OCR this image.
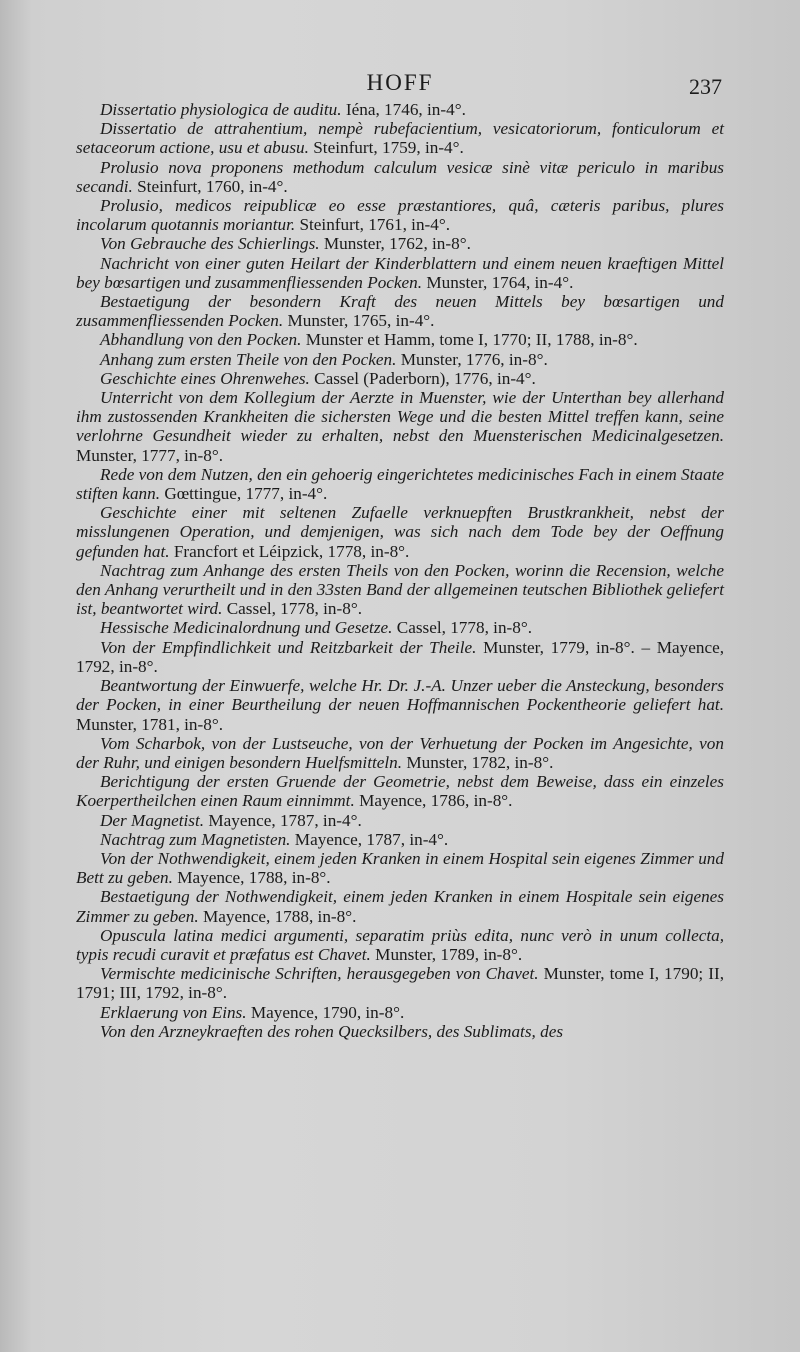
HOFF	237

Dissertatio physiologica de auditu. Iéna, 1746, in-4°.

Dissertatio de attrahentium, nempè rubefacientium, vesicatoriorum, fonticulorum et setaceorum actione, usu et abusu. Steinfurt, 1759, in-4°.

Prolusio nova proponens methodum calculum vesicæ sinè vitæ periculo in maribus secandi. Steinfurt, 1760, in-4°.

Prolusio, medicos reipublicæ eo esse præstantiores, quâ, cæteris paribus, plures incolarum quotannis moriantur. Steinfurt, 1761, in-4°.

Von Gebrauche des Schierlings. Munster, 1762, in-8°.

Nachricht von einer guten Heilart der Kinderblattern und einem neuen kraeftigen Mittel bey bœsartigen und zusammenfliessenden Pocken. Munster, 1764, in-4°.

Bestaetigung der besondern Kraft des neuen Mittels bey bœsartigen und zusammenfliessenden Pocken. Munster, 1765, in-4°.

Abhandlung von den Pocken. Munster et Hamm, tome I, 1770; II, 1788, in-8°.

Anhang zum ersten Theile von den Pocken. Munster, 1776, in-8°.

Geschichte eines Ohrenwehes. Cassel (Paderborn), 1776, in-4°.

Unterricht von dem Kollegium der Aerzte in Muenster, wie der Unterthan bey allerhand ihm zustossenden Krankheiten die sichersten Wege und die besten Mittel treffen kann, seine verlohrne Gesundheit wieder zu erhalten, nebst den Muensterischen Medicinalgesetzen. Munster, 1777, in-8°.

Rede von dem Nutzen, den ein gehoerig eingerichtetes medicinisches Fach in einem Staate stiften kann. Gœttingue, 1777, in-4°.

Geschichte einer mit seltenen Zufaelle verknuepften Brustkrankheit, nebst der misslungenen Operation, und demjenigen, was sich nach dem Tode bey der Oeffnung gefunden hat. Francfort et Léipzick, 1778, in-8°.

Nachtrag zum Anhange des ersten Theils von den Pocken, worinn die Recension, welche den Anhang verurtheilt und in den 33sten Band der allgemeinen teutschen Bibliothek geliefert ist, beantwortet wird. Cassel, 1778, in-8°.

Hessische Medicinalordnung und Gesetze. Cassel, 1778, in-8°.

Von der Empfindlichkeit und Reitzbarkeit der Theile. Munster, 1779, in-8°. – Mayence, 1792, in-8°.

Beantwortung der Einwuerfe, welche Hr. Dr. J.-A. Unzer ueber die Ansteckung, besonders der Pocken, in einer Beurtheilung der neuen Hoffmannischen Pockentheorie geliefert hat. Munster, 1781, in-8°.

Vom Scharbok, von der Lustseuche, von der Verhuetung der Pocken im Angesichte, von der Ruhr, und einigen besondern Huelfsmitteln. Munster, 1782, in-8°.

Berichtigung der ersten Gruende der Geometrie, nebst dem Beweise, dass ein einzeles Koerpertheilchen einen Raum einnimmt. Mayence, 1786, in-8°.

Der Magnetist. Mayence, 1787, in-4°.

Nachtrag zum Magnetisten. Mayence, 1787, in-4°.

Von der Nothwendigkeit, einem jeden Kranken in einem Hospital sein eigenes Zimmer und Bett zu geben. Mayence, 1788, in-8°.

Bestaetigung der Nothwendigkeit, einem jeden Kranken in einem Hospitale sein eigenes Zimmer zu geben. Mayence, 1788, in-8°.

Opuscula latina medici argumenti, separatim priùs edita, nunc verò in unum collecta, typis recudi curavit et præfatus est Chavet. Munster, 1789, in-8°.

Vermischte medicinische Schriften, herausgegeben von Chavet. Munster, tome I, 1790; II, 1791; III, 1792, in-8°.

Erklaerung von Eins. Mayence, 1790, in-8°.

Von den Arzneykraeften des rohen Quecksilbers, des Sublimats, des
